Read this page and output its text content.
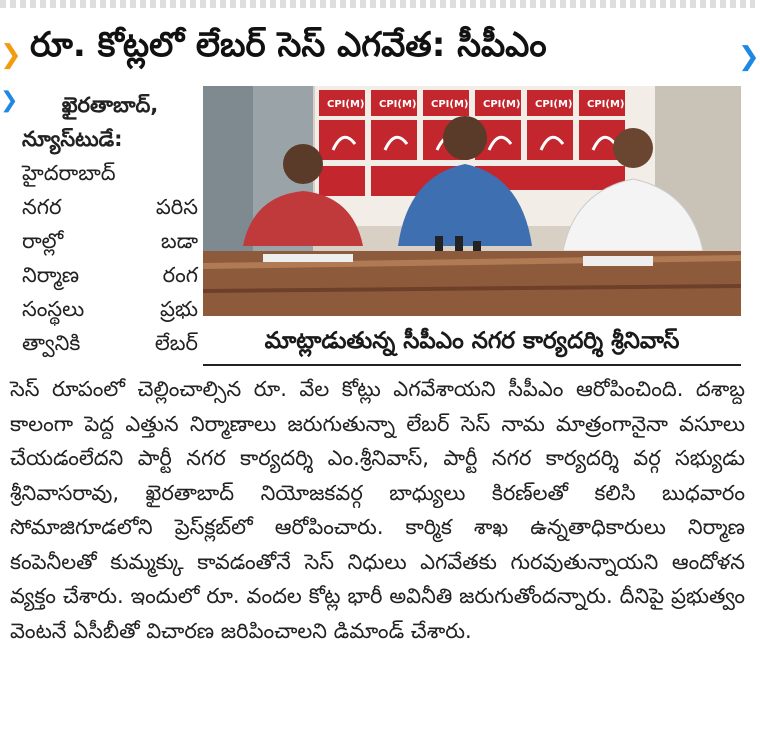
❯ రూ. కోట్లలో లేబర్ సెస్ ఎగవేత: సీపీఎం	❯
❯	ఖైరతాబాద్,
న్యూస్‌టుడే:
హైదరాబాద్
నగర పరిస
రాల్లో బడా
నిర్మాణ రంగ
సంస్థలు ప్రభు
త్వానికి లేబర్
CPI(M) CPI(M) CPI(M) CPI(M) CPI(M) CPI(M)
మాట్లాడుతున్న సీపీఎం నగర కార్యదర్శి శ్రీనివాస్
సెస్ రూపంలో చెల్లించాల్సిన రూ. వేల కోట్లు ఎగవేశాయని సీపీఎం ఆరోపించింది. దశాబ్ద కాలంగా పెద్ద ఎత్తున నిర్మాణాలు జరుగుతున్నా లేబర్ సెస్ నామ మాత్రంగానైనా వసూలు చేయడంలేదని పార్టీ నగర కార్యదర్శి ఎం.శ్రీనివాస్, పార్టీ నగర కార్యదర్శి వర్గ సభ్యుడు శ్రీనివాసరావు, ఖైరతాబాద్ నియోజకవర్గ బాధ్యులు కిరణ్‌లతో కలిసి బుధవారం సోమాజిగూడలోని ప్రెస్‌క్లబ్‌లో ఆరోపించారు. కార్మిక శాఖ ఉన్నతాధికారులు నిర్మాణ కంపెనీలతో కుమ్మక్కు కావడంతోనే సెస్ నిధులు ఎగవేతకు గురవుతున్నాయని ఆందోళన వ్యక్తం చేశారు. ఇందులో రూ. వందల కోట్ల భారీ అవినీతి జరుగుతోందన్నారు. దీనిపై ప్రభుత్వం వెంటనే ఏసీబీతో విచారణ జరిపించాలని డిమాండ్ చేశారు.
